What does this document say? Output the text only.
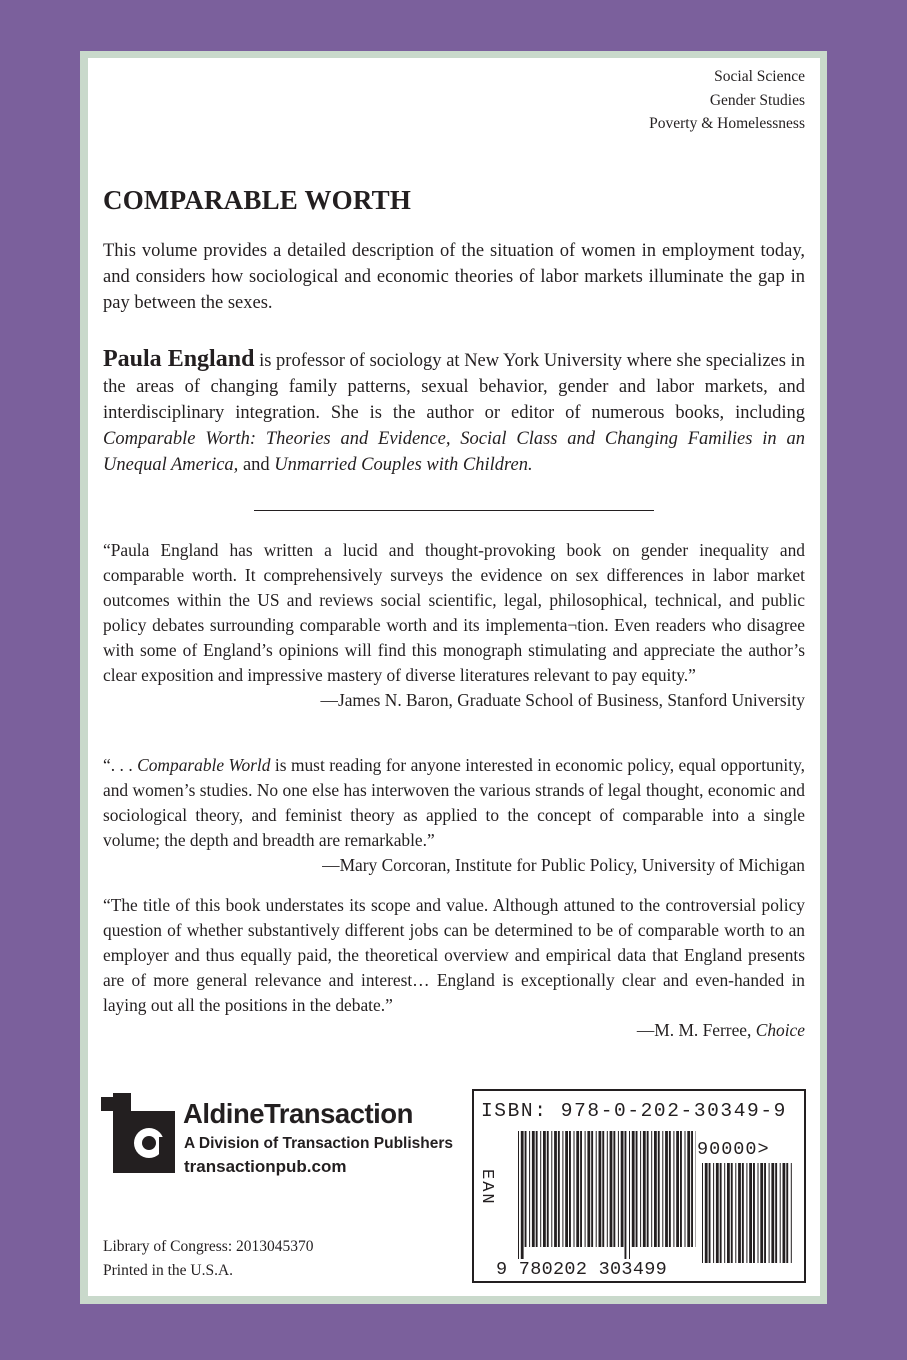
Social Science
Gender Studies
Poverty & Homelessness
COMPARABLE WORTH

This volume provides a detailed description of the situation of women in employment today, and considers how sociological and economic theories of labor markets illuminate the gap in pay between the sexes.

Paula England is professor of sociology at New York University where she specializes in the areas of changing family patterns, sexual behavior, gender and labor markets, and interdisciplinary integration. She is the author or editor of numerous books, including Comparable Worth: Theories and Evidence, Social Class and Changing Families in an Unequal America, and Unmarried Couples with Children.

“Paula England has written a lucid and thought-provoking book on gender inequality and comparable worth. It comprehensively surveys the evidence on sex differences in labor market outcomes within the US and reviews social scientific, legal, philosophical, technical, and public policy debates surrounding comparable worth and its implementa¬tion. Even readers who disagree with some of England’s opinions will find this monograph stimulating and appreciate the author’s clear exposition and impressive mastery of diverse literatures relevant to pay equity.”
—James N. Baron, Graduate School of Business, Stanford University
“. . . Comparable World is must reading for anyone interested in economic policy, equal opportunity, and women’s studies. No one else has interwoven the various strands of legal thought, economic and sociological theory, and feminist theory as applied to the concept of comparable into a single volume; the depth and breadth are remarkable.”
—Mary Corcoran, Institute for Public Policy, University of Michigan
“The title of this book understates its scope and value. Although attuned to the controversial policy question of whether substantively different jobs can be determined to be of comparable worth to an employer and thus equally paid, the theoretical overview and empirical data that England presents are of more general relevance and interest… England is exceptionally clear and even-handed in laying out all the positions in the debate.”
—M. M. Ferree, Choice
AldineTransaction
A Division of Transaction Publishers
transactionpub.com
Library of Congress: 2013045370
Printed in the U.S.A.
ISBN: 978-0-202-30349-9
EAN
9 780202 303499
90000>
